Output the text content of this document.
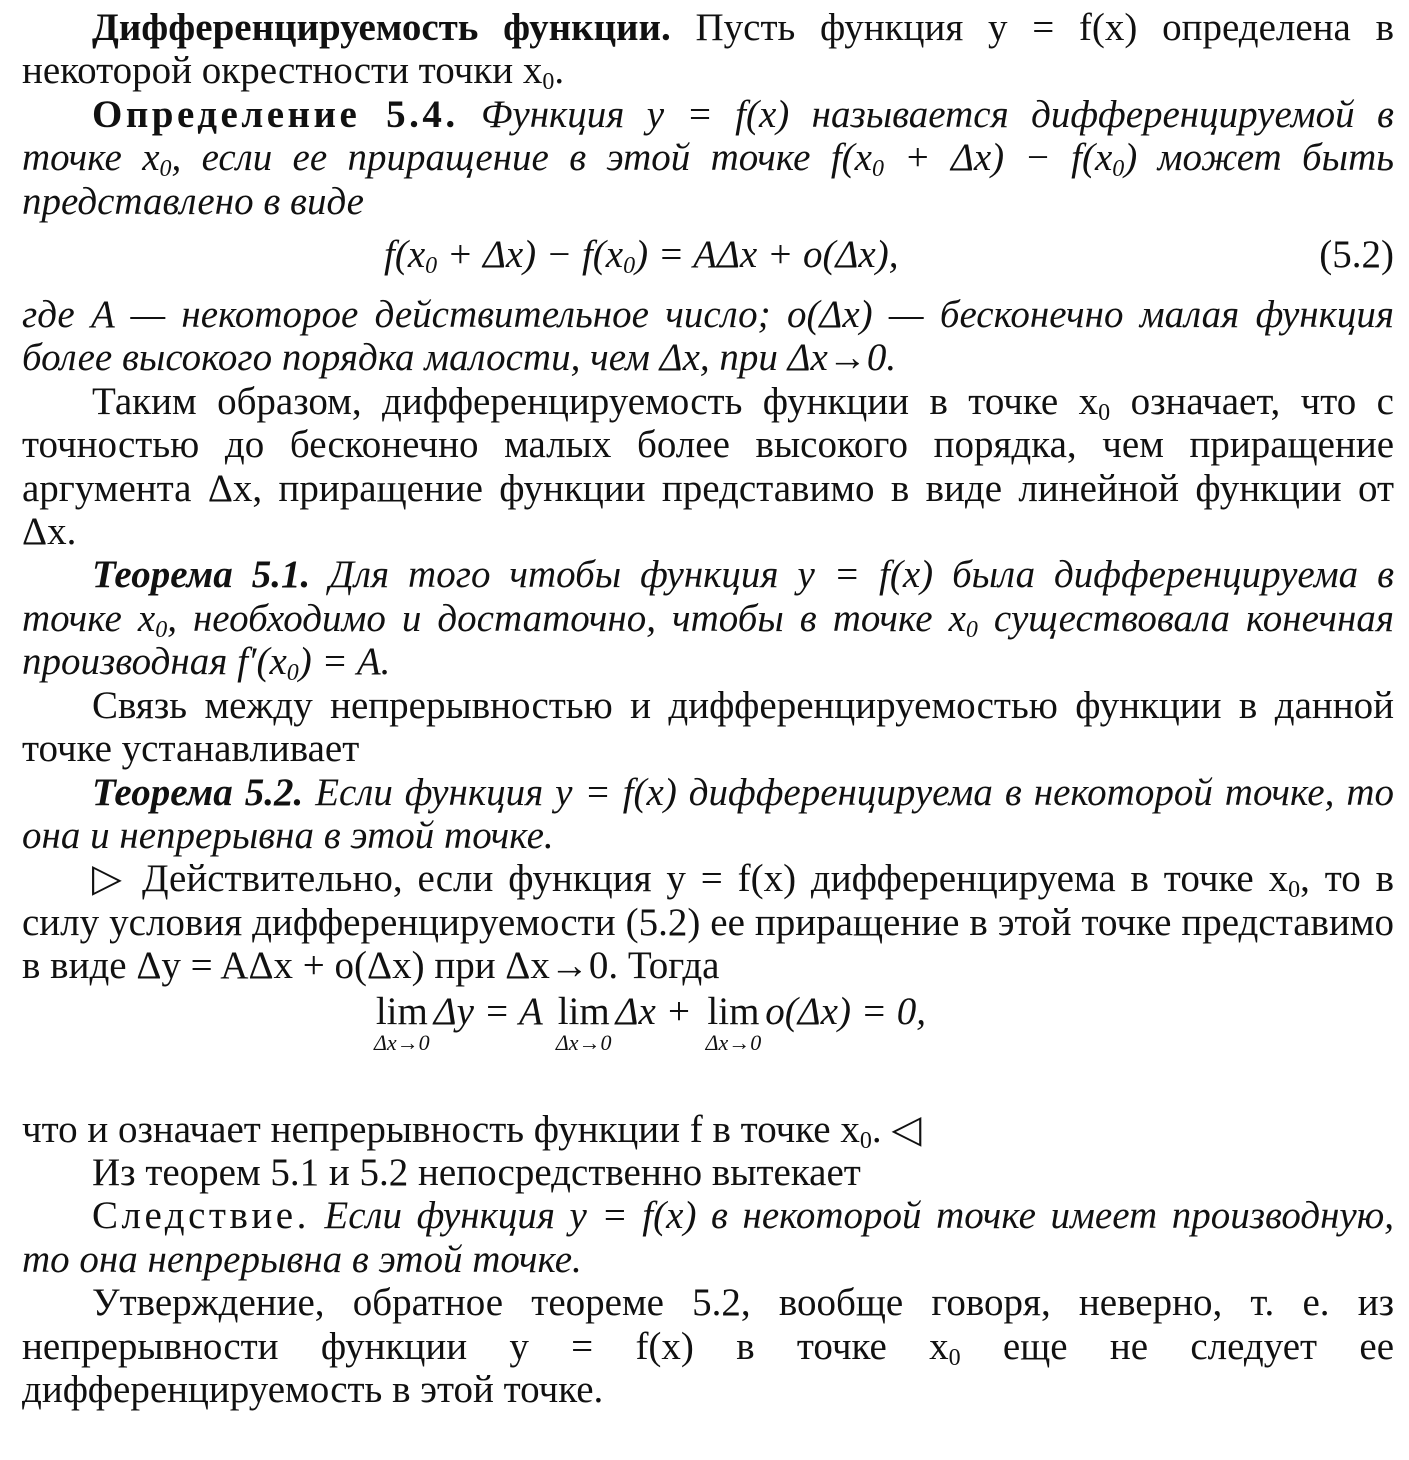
Дифференцируемость функции. Пусть функция y = f(x) определена в некоторой окрестности точки $x_0$.

Определение 5.4. Функция y = f(x) называется дифференцируемой в точке $x_0$, если ее приращение в этой точке $f(x_0 + \Delta x) - f(x_0)$ может быть представлено в виде

$f(x_0 + \Delta x) - f(x_0) = A\Delta x + o(\Delta x)$,	(5.2)

где A — некоторое действительное число; o(Δx) — бесконечно малая функция более высокого порядка малости, чем Δx, при Δx→0.

Таким образом, дифференцируемость функции в точке $x_0$ означает, что с точностью до бесконечно малых более высокого порядка, чем приращение аргумента Δx, приращение функции представимо в виде линейной функции от Δx.

Теорема 5.1. Для того чтобы функция y = f(x) была дифференцируема в точке $x_0$, необходимо и достаточно, чтобы в точке $x_0$ существовала конечная производная $f'(x_0) = A$.

Связь между непрерывностью и дифференцируемостью функции в данной точке устанавливает

Теорема 5.2. Если функция y = f(x) дифференцируема в некоторой точке, то она и непрерывна в этой точке.

▷ Действительно, если функция y = f(x) дифференцируема в точке $x_0$, то в силу условия дифференцируемости (5.2) ее приращение в этой точке представимо в виде Δy = AΔx + o(Δx) при Δx→0. Тогда

lim
Δx→0
Δy = A lim
Δx→0
Δx + lim
Δx→0
o(Δx) = 0,

что и означает непрерывность функции f в точке $x_0$. ◁

Из теорем 5.1 и 5.2 непосредственно вытекает

Следствие. Если функция y = f(x) в некоторой точке имеет производную, то она непрерывна в этой точке.

Утверждение, обратное теореме 5.2, вообще говоря, неверно, т. е. из непрерывности функции y = f(x) в точке $x_0$ еще не следует ее дифференцируемость в этой точке.
